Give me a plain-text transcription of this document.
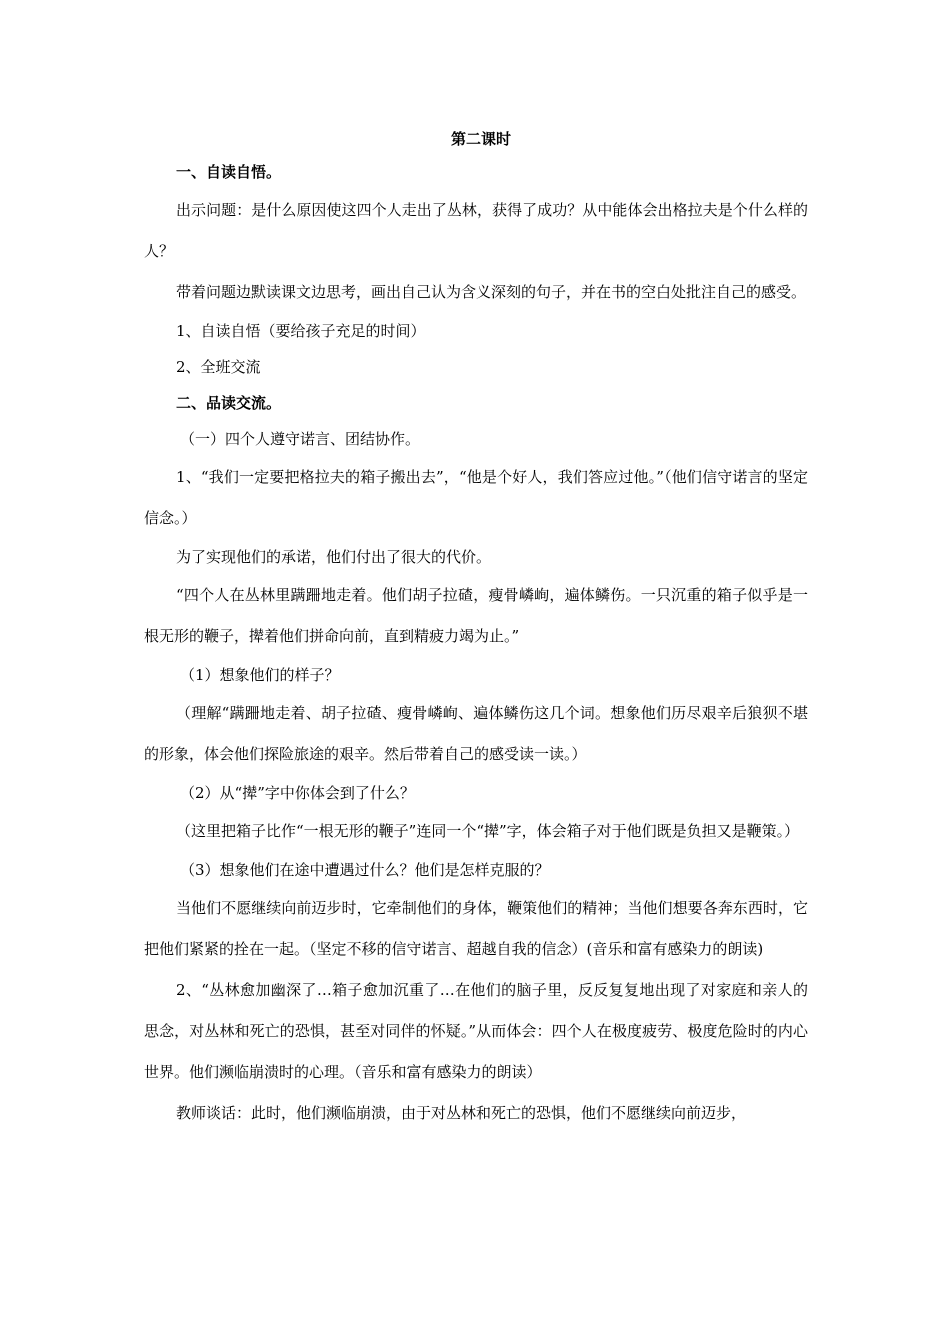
第二课时
一、自读自悟。

出示问题：是什么原因使这四个人走出了丛林，获得了成功？从中能体会出格拉夫是个什么样的人？

带着问题边默读课文边思考，画出自己认为含义深刻的句子，并在书的空白处批注自己的感受。

1、自读自悟（要给孩子充足的时间）
2、全班交流
二、品读交流。
（一）四个人遵守诺言、团结协作。

1、“我们一定要把格拉夫的箱子搬出去”，“他是个好人，我们答应过他。”（他们信守诺言的坚定信念。）

为了实现他们的承诺，他们付出了很大的代价。

“四个人在丛林里蹒跚地走着。他们胡子拉碴，瘦骨嶙峋，遍体鳞伤。一只沉重的箱子似乎是一根无形的鞭子，撵着他们拼命向前，直到精疲力竭为止。”

（1）想象他们的样子？

（理解“蹒跚地走着、胡子拉碴、瘦骨嶙峋、遍体鳞伤这几个词。想象他们历尽艰辛后狼狈不堪的形象，体会他们探险旅途的艰辛。然后带着自己的感受读一读。）

（2）从“撵”字中你体会到了什么？

（这里把箱子比作“一根无形的鞭子”连同一个“撵”字，体会箱子对于他们既是负担又是鞭策。）

（3）想象他们在途中遭遇过什么？他们是怎样克服的？

当他们不愿继续向前迈步时，它牵制他们的身体，鞭策他们的精神；当他们想要各奔东西时，它把他们紧紧的拴在一起。（坚定不移的信守诺言、超越自我的信念）(音乐和富有感染力的朗读)

2、“丛林愈加幽深了…箱子愈加沉重了…在他们的脑子里，反反复复地出现了对家庭和亲人的思念，对丛林和死亡的恐惧，甚至对同伴的怀疑。”从而体会：四个人在极度疲劳、极度危险时的内心世界。他们濒临崩溃时的心理。（音乐和富有感染力的朗读）

教师谈话：此时，他们濒临崩溃，由于对丛林和死亡的恐惧，他们不愿继续向前迈步，
